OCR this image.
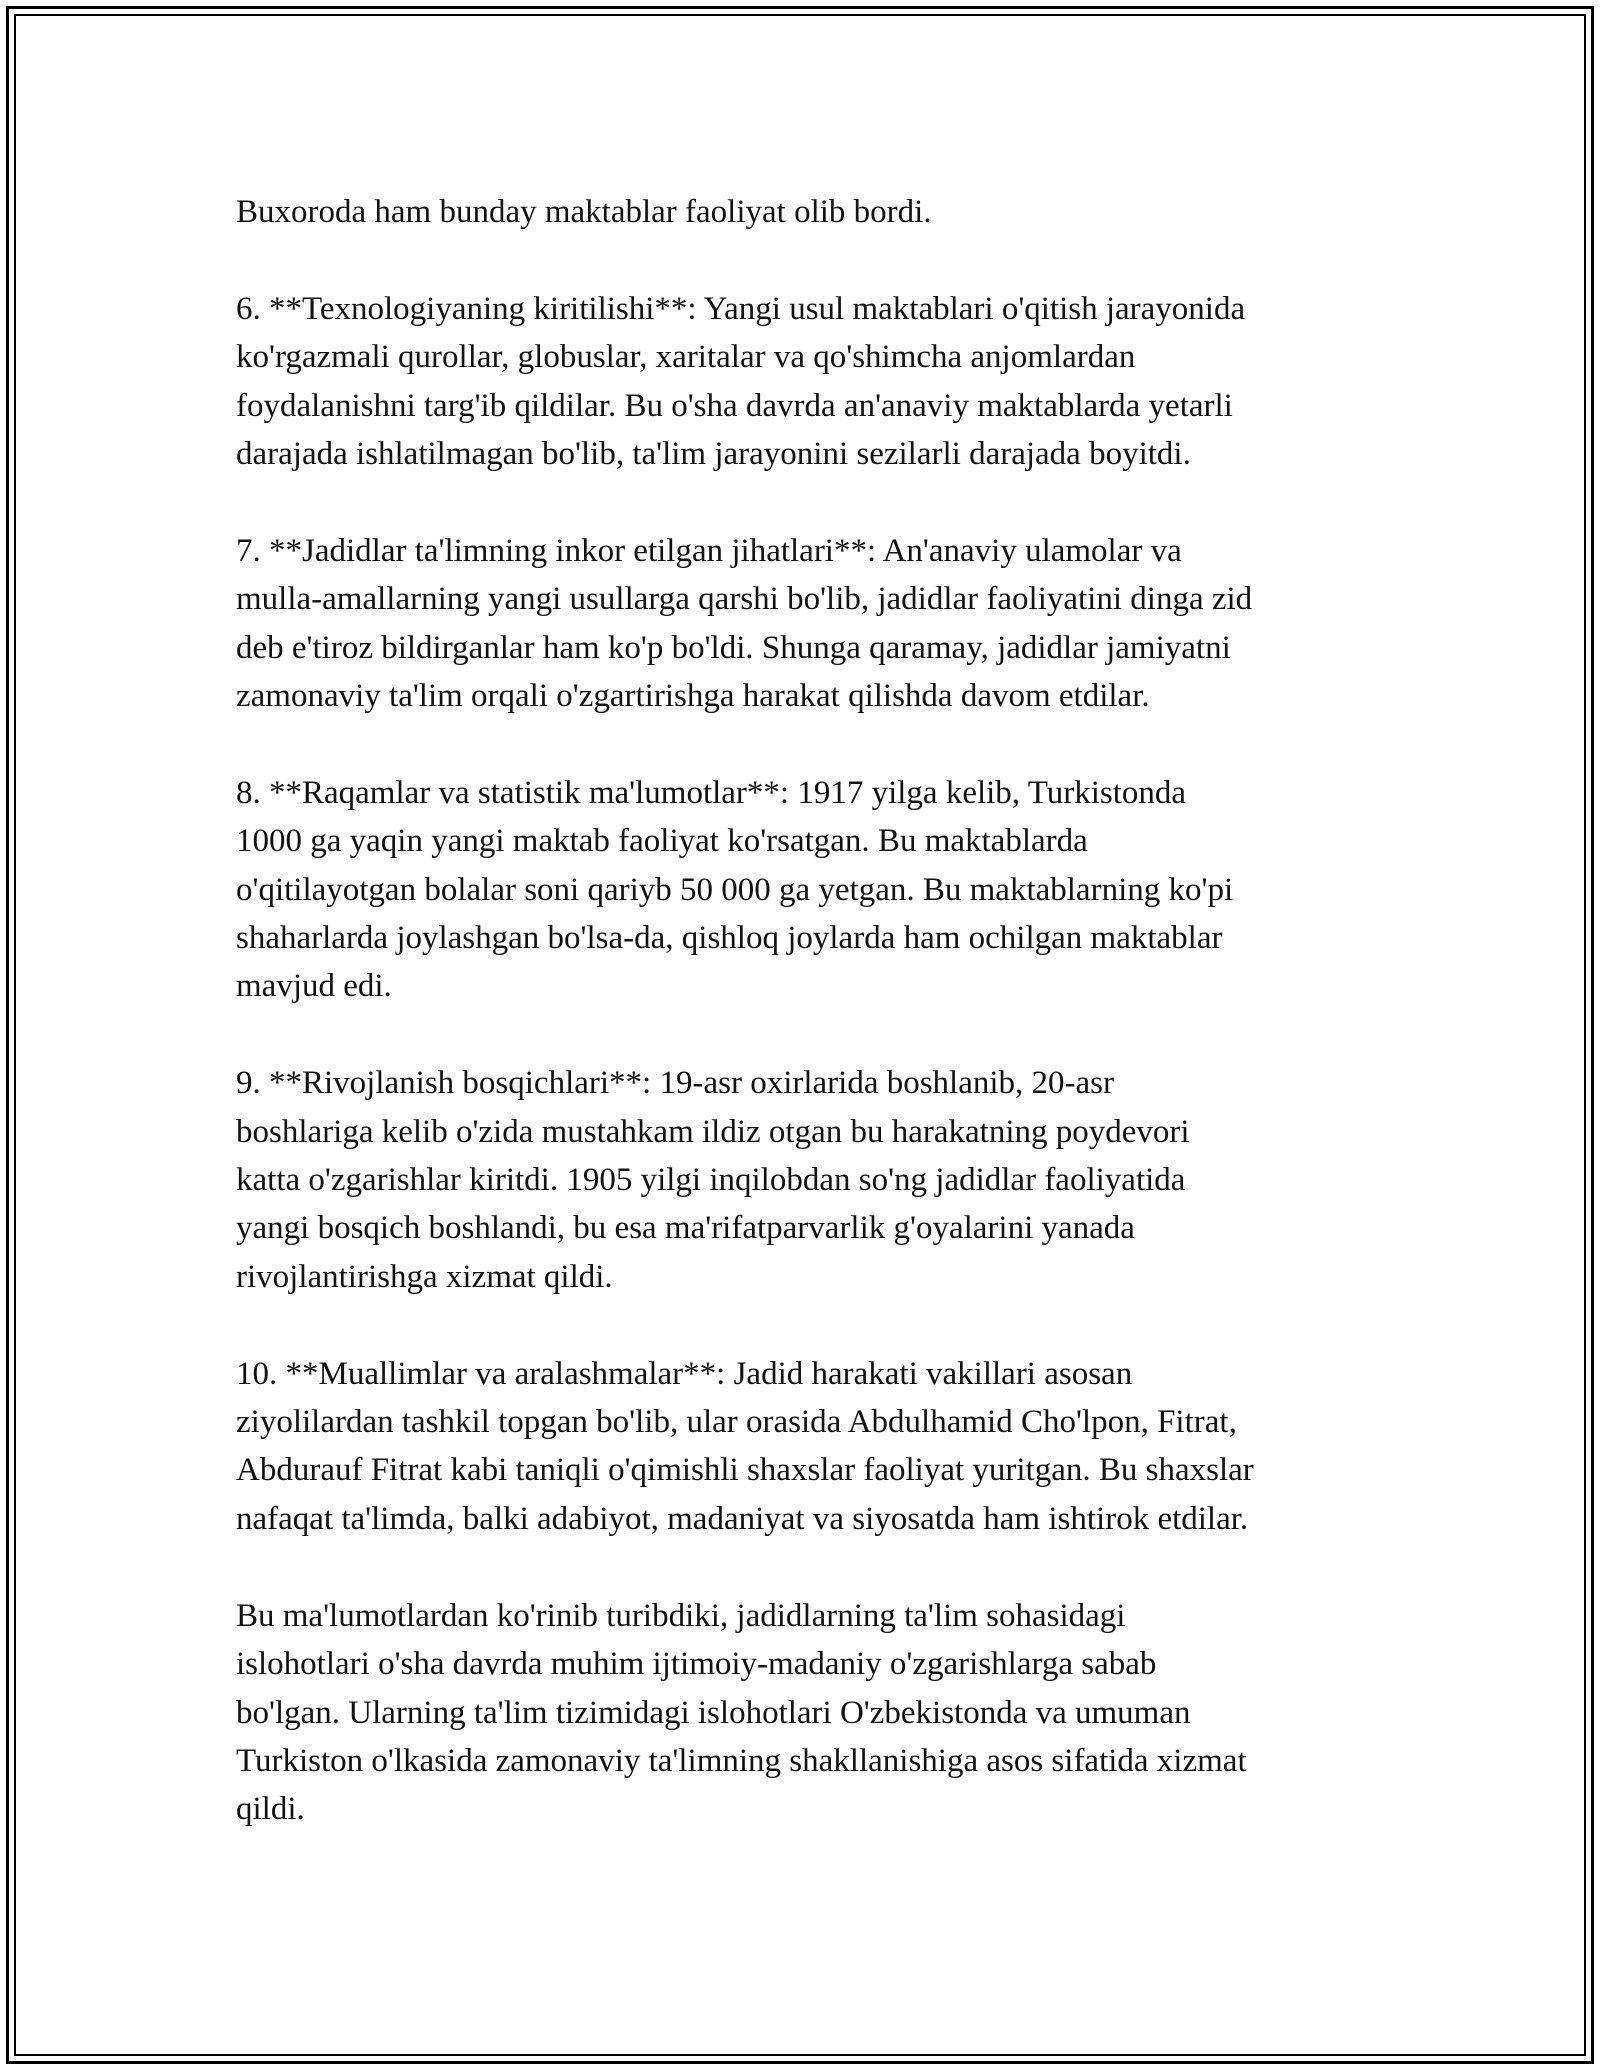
Buxoroda ham bunday maktablar faoliyat olib bordi.

6. **Texnologiyaning kiritilishi**: Yangi usul maktablari o'qitish jarayonida
ko'rgazmali qurollar, globuslar, xaritalar va qo'shimcha anjomlardan
foydalanishni targ'ib qildilar. Bu o'sha davrda an'anaviy maktablarda yetarli
darajada ishlatilmagan bo'lib, ta'lim jarayonini sezilarli darajada boyitdi.

7. **Jadidlar ta'limning inkor etilgan jihatlari**: An'anaviy ulamolar va
mulla-amallarning yangi usullarga qarshi bo'lib, jadidlar faoliyatini dinga zid
deb e'tiroz bildirganlar ham ko'p bo'ldi. Shunga qaramay, jadidlar jamiyatni
zamonaviy ta'lim orqali o'zgartirishga harakat qilishda davom etdilar.

8. **Raqamlar va statistik ma'lumotlar**: 1917 yilga kelib, Turkistonda
1000 ga yaqin yangi maktab faoliyat ko'rsatgan. Bu maktablarda
o'qitilayotgan bolalar soni qariyb 50 000 ga yetgan. Bu maktablarning ko'pi
shaharlarda joylashgan bo'lsa-da, qishloq joylarda ham ochilgan maktablar
mavjud edi.

9. **Rivojlanish bosqichlari**: 19-asr oxirlarida boshlanib, 20-asr
boshlariga kelib o'zida mustahkam ildiz otgan bu harakatning poydevori
katta o'zgarishlar kiritdi. 1905 yilgi inqilobdan so'ng jadidlar faoliyatida
yangi bosqich boshlandi, bu esa ma'rifatparvarlik g'oyalarini yanada
rivojlantirishga xizmat qildi.

10. **Muallimlar va aralashmalar**: Jadid harakati vakillari asosan
ziyolilardan tashkil topgan bo'lib, ular orasida Abdulhamid Cho'lpon, Fitrat,
Abdurauf Fitrat kabi taniqli o'qimishli shaxslar faoliyat yuritgan. Bu shaxslar
nafaqat ta'limda, balki adabiyot, madaniyat va siyosatda ham ishtirok etdilar.

Bu ma'lumotlardan ko'rinib turibdiki, jadidlarning ta'lim sohasidagi
islohotlari o'sha davrda muhim ijtimoiy-madaniy o'zgarishlarga sabab
bo'lgan. Ularning ta'lim tizimidagi islohotlari O'zbekistonda va umuman
Turkiston o'lkasida zamonaviy ta'limning shakllanishiga asos sifatida xizmat
qildi.
